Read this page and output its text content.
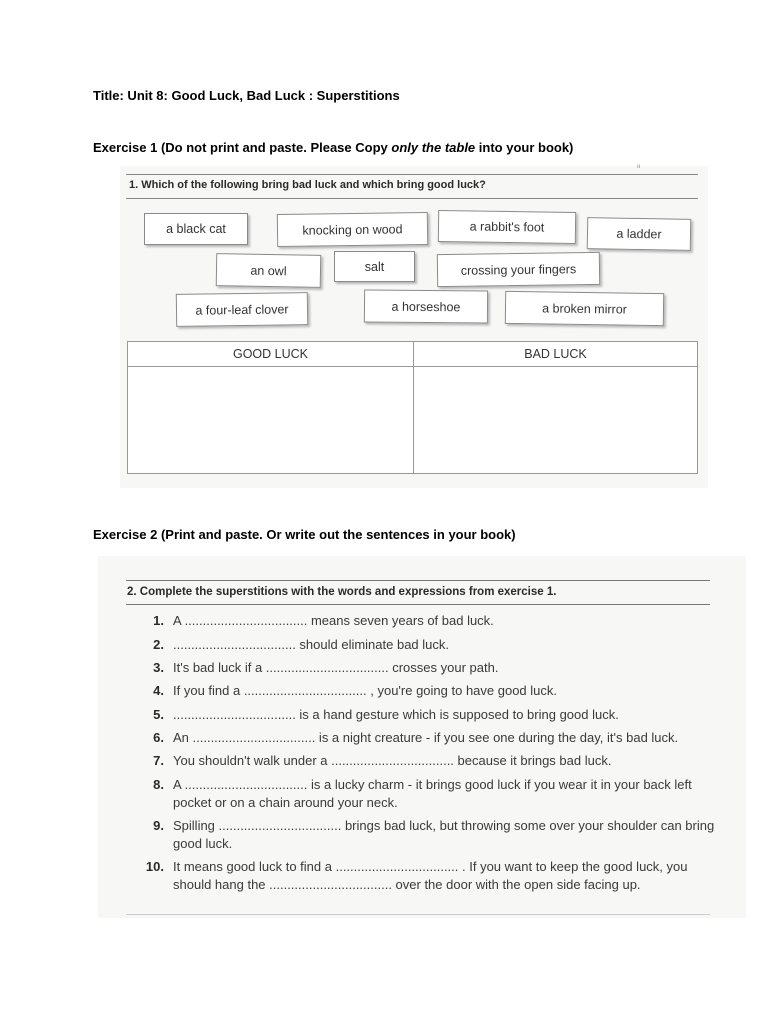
Title: Unit 8: Good Luck, Bad Luck : Superstitions
Exercise 1 (Do not print and paste. Please Copy only the table into your book)
1. Which of the following bring bad luck and which bring good luck?
ıı
a black cat	knocking on wood	a rabbit's foot	a ladder
an owl	salt	crossing your fingers
a four-leaf clover	a horseshoe	a broken mirror
GOOD LUCK	BAD LUCK
Exercise 2 (Print and paste. Or write out the sentences in your book)
2. Complete the superstitions with the words and expressions from exercise 1.
1. A .................................. means seven years of bad luck.
2. .................................. should eliminate bad luck.
3. It's bad luck if a .................................. crosses your path.
4. If you find a .................................. , you're going to have good luck.
5. .................................. is a hand gesture which is supposed to bring good luck.
6. An .................................. is a night creature - if you see one during the day, it's bad luck.
7. You shouldn't walk under a .................................. because it brings bad luck.
8. A .................................. is a lucky charm - it brings good luck if you wear it in your back left pocket or on a chain around your neck.
9. Spilling .................................. brings bad luck, but throwing some over your shoulder can bring good luck.
10. It means good luck to find a .................................. . If you want to keep the good luck, you should hang the .................................. over the door with the open side facing up.
